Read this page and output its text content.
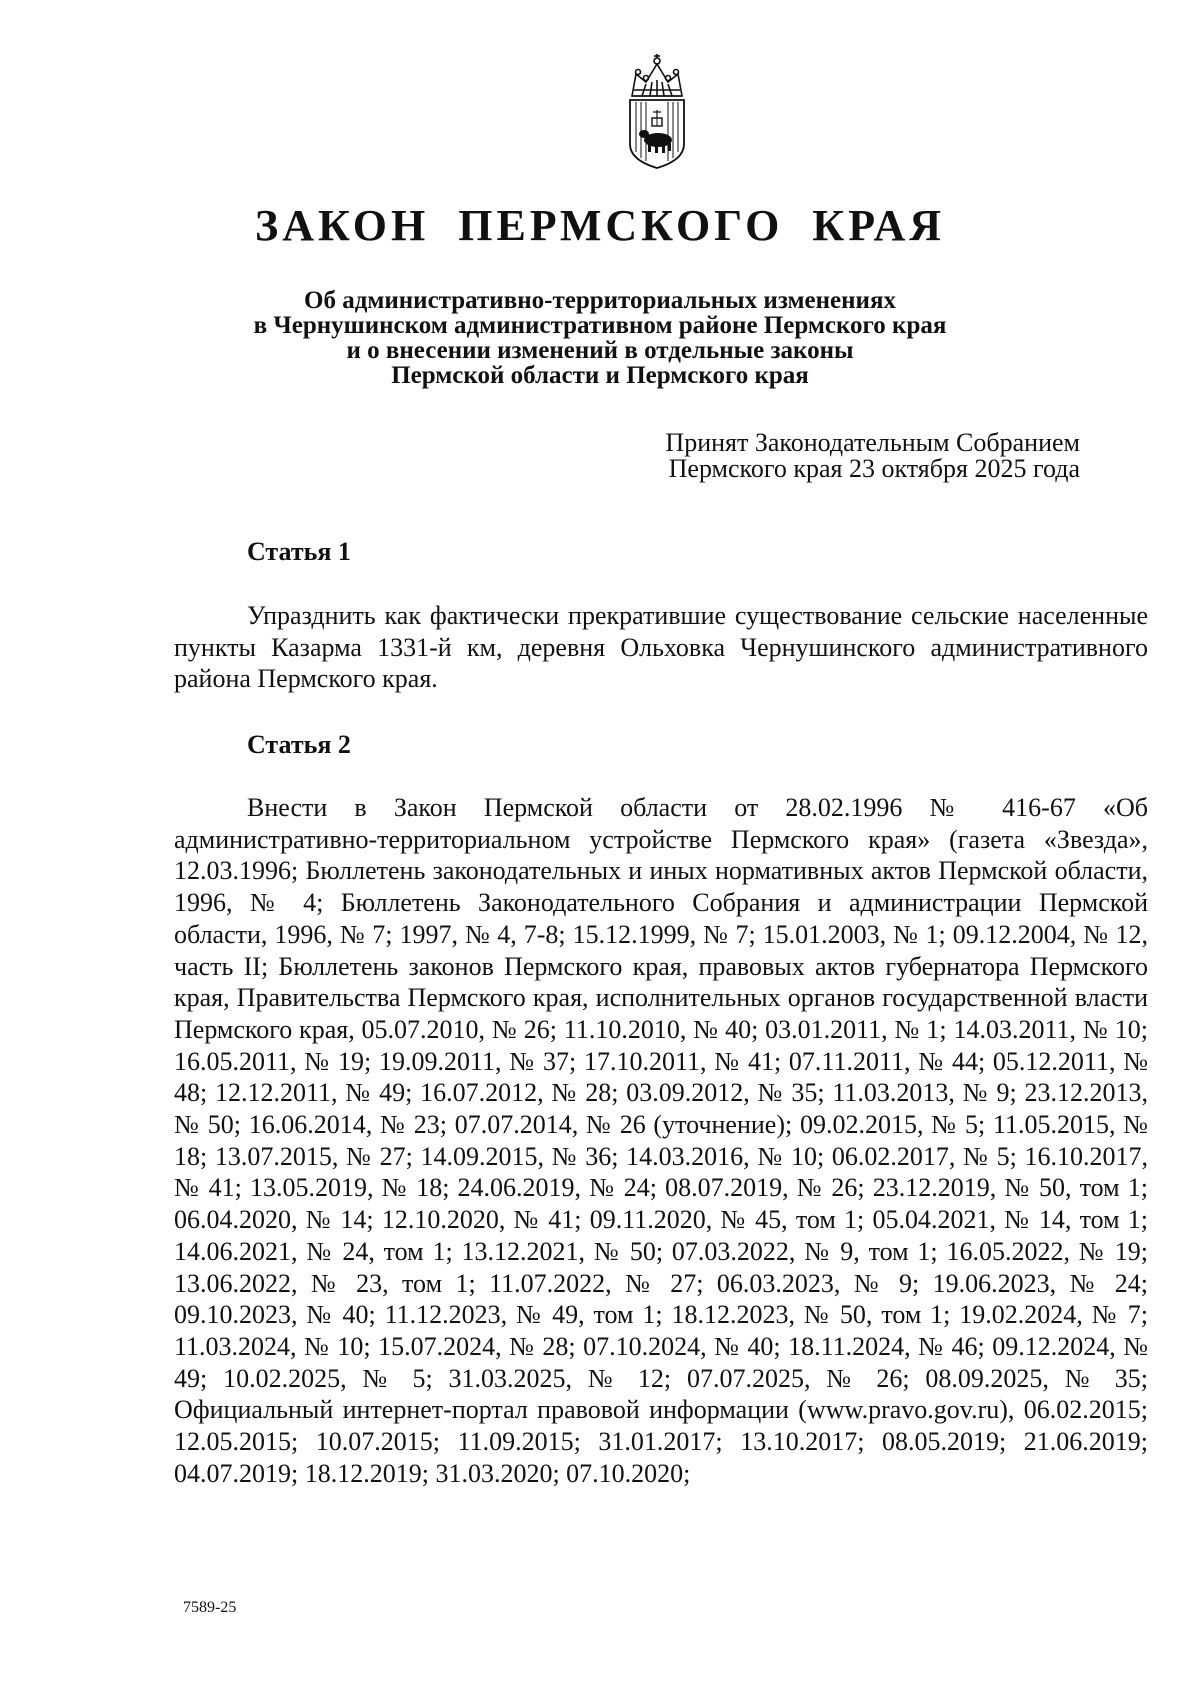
ЗАКОН ПЕРМСКОГО КРАЯ
Об административно-территориальных изменениях
в Чернушинском административном районе Пермского края
и о внесении изменений в отдельные законы
Пермской области и Пермского края
Принят Законодательным Собранием
Пермского края 23 октября 2025 года
Статья 1

Упразднить как фактически прекратившие существование сельские населенные пункты Казарма 1331-й км, деревня Ольховка Чернушинского административного района Пермского края.

Статья 2

Внести в Закон Пермской области от 28.02.1996 № 416-67 «Об административно-территориальном устройстве Пермского края» (газета «Звезда», 12.03.1996; Бюллетень законодательных и иных нормативных актов Пермской области, 1996, № 4; Бюллетень Законодательного Собрания и администрации Пермской области, 1996, № 7; 1997, № 4, 7-8; 15.12.1999, № 7; 15.01.2003, № 1; 09.12.2004, № 12, часть II; Бюллетень законов Пермского края, правовых актов губернатора Пермского края, Правительства Пермского края, исполнительных органов государственной власти Пермского края, 05.07.2010, № 26; 11.10.2010, № 40; 03.01.2011, № 1; 14.03.2011, № 10; 16.05.2011, № 19; 19.09.2011, № 37; 17.10.2011, № 41; 07.11.2011, № 44; 05.12.2011, № 48; 12.12.2011, № 49; 16.07.2012, № 28; 03.09.2012, № 35; 11.03.2013, № 9; 23.12.2013, № 50; 16.06.2014, № 23; 07.07.2014, № 26 (уточнение); 09.02.2015, № 5; 11.05.2015, № 18; 13.07.2015, № 27; 14.09.2015, № 36; 14.03.2016, № 10; 06.02.2017, № 5; 16.10.2017, № 41; 13.05.2019, № 18; 24.06.2019, № 24; 08.07.2019, № 26; 23.12.2019, № 50, том 1; 06.04.2020, № 14; 12.10.2020, № 41; 09.11.2020, № 45, том 1; 05.04.2021, № 14, том 1; 14.06.2021, № 24, том 1; 13.12.2021, № 50; 07.03.2022, № 9, том 1; 16.05.2022, № 19; 13.06.2022, № 23, том 1; 11.07.2022, № 27; 06.03.2023, № 9; 19.06.2023, № 24; 09.10.2023, № 40; 11.12.2023, № 49, том 1; 18.12.2023, № 50, том 1; 19.02.2024, № 7; 11.03.2024, № 10; 15.07.2024, № 28; 07.10.2024, № 40; 18.11.2024, № 46; 09.12.2024, № 49; 10.02.2025, № 5; 31.03.2025, № 12; 07.07.2025, № 26; 08.09.2025, № 35; Официальный интернет-портал правовой информации (www.pravo.gov.ru), 06.02.2015; 12.05.2015; 10.07.2015; 11.09.2015; 31.01.2017; 13.10.2017; 08.05.2019; 21.06.2019; 04.07.2019; 18.12.2019; 31.03.2020; 07.10.2020;

7589-25
